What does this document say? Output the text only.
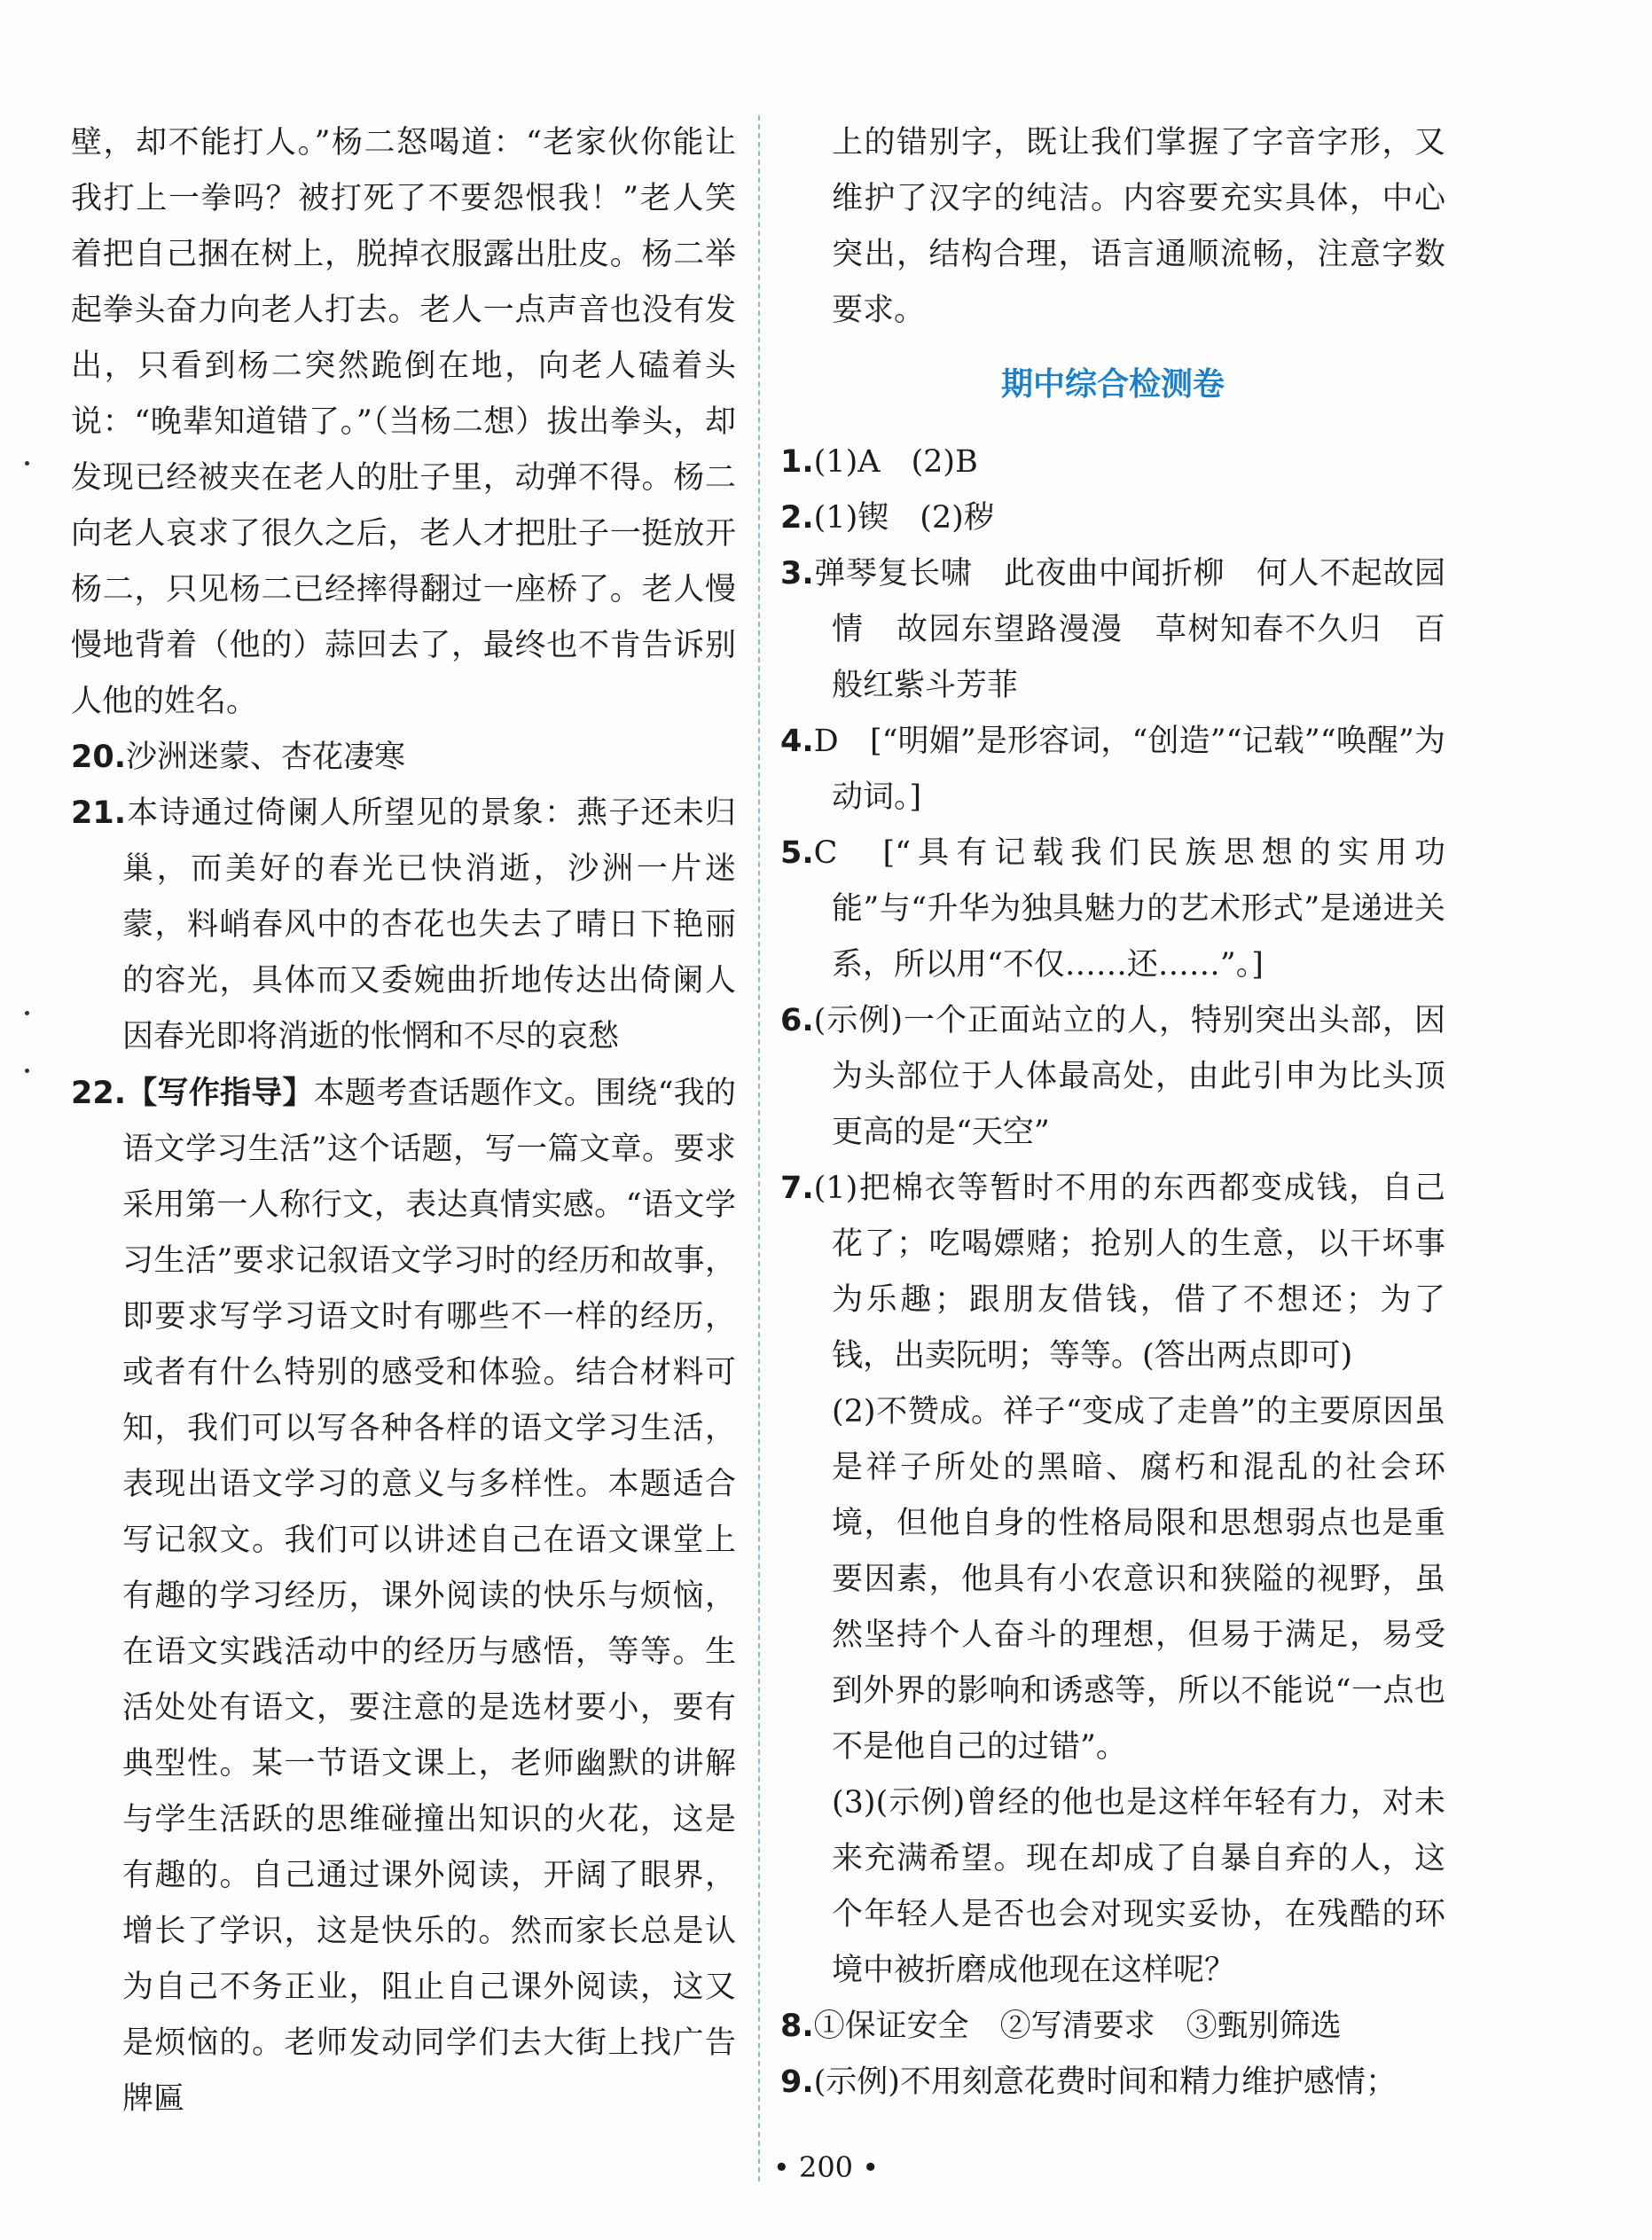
壁，却不能打人。”杨二怒喝道：“老家伙你能让我打上一拳吗？被打死了不要怨恨我！”老人笑着把自己捆在树上，脱掉衣服露出肚皮。杨二举起拳头奋力向老人打去。老人一点声音也没有发出，只看到杨二突然跪倒在地，向老人磕着头说：“晚辈知道错了。”（当杨二想）拔出拳头，却发现已经被夹在老人的肚子里，动弹不得。杨二向老人哀求了很久之后，老人才把肚子一挺放开杨二，只见杨二已经摔得翻过一座桥了。老人慢慢地背着（他的）蒜回去了，最终也不肯告诉别人他的姓名。

20.沙洲迷蒙、杏花凄寒

21.本诗通过倚阑人所望见的景象：燕子还未归巢，而美好的春光已快消逝，沙洲一片迷蒙，料峭春风中的杏花也失去了晴日下艳丽的容光，具体而又委婉曲折地传达出倚阑人因春光即将消逝的怅惘和不尽的哀愁

22.【写作指导】本题考查话题作文。围绕“我的语文学习生活”这个话题，写一篇文章。要求采用第一人称行文，表达真情实感。“语文学习生活”要求记叙语文学习时的经历和故事，即要求写学习语文时有哪些不一样的经历，或者有什么特别的感受和体验。结合材料可知，我们可以写各种各样的语文学习生活，表现出语文学习的意义与多样性。本题适合写记叙文。我们可以讲述自己在语文课堂上有趣的学习经历，课外阅读的快乐与烦恼，在语文实践活动中的经历与感悟，等等。生活处处有语文，要注意的是选材要小，要有典型性。某一节语文课上，老师幽默的讲解与学生活跃的思维碰撞出知识的火花，这是有趣的。自己通过课外阅读，开阔了眼界，增长了学识，这是快乐的。然而家长总是认为自己不务正业，阻止自己课外阅读，这又是烦恼的。老师发动同学们去大街上找广告牌匾

上的错别字，既让我们掌握了字音字形，又维护了汉字的纯洁。内容要充实具体，中心突出，结构合理，语言通顺流畅，注意字数要求。

期中综合检测卷

1.(1)A　(2)B

2.(1)锲　(2)秽

3.弹琴复长啸　此夜曲中闻折柳　何人不起故园情　故园东望路漫漫　草树知春不久归　百般红紫斗芳菲

4.D　[“明媚”是形容词，“创造”“记载”“唤醒”为动词。]

5.C　[“具有记载我们民族思想的实用功能”与“升华为独具魅力的艺术形式”是递进关系，所以用“不仅……还……”。]

6.(示例)一个正面站立的人，特别突出头部，因为头部位于人体最高处，由此引申为比头顶更高的是“天空”

7.(1)把棉衣等暂时不用的东西都变成钱，自己花了；吃喝嫖赌；抢别人的生意，以干坏事为乐趣；跟朋友借钱，借了不想还；为了钱，出卖阮明；等等。(答出两点即可)

(2)不赞成。祥子“变成了走兽”的主要原因虽是祥子所处的黑暗、腐朽和混乱的社会环境，但他自身的性格局限和思想弱点也是重要因素，他具有小农意识和狭隘的视野，虽然坚持个人奋斗的理想，但易于满足，易受到外界的影响和诱惑等，所以不能说“一点也不是他自己的过错”。

(3)(示例)曾经的他也是这样年轻有力，对未来充满希望。现在却成了自暴自弃的人，这个年轻人是否也会对现实妥协，在残酷的环境中被折磨成他现在这样呢？

8.①保证安全　②写清要求　③甄别筛选

9.(示例)不用刻意花费时间和精力维护感情；

• 200 •
